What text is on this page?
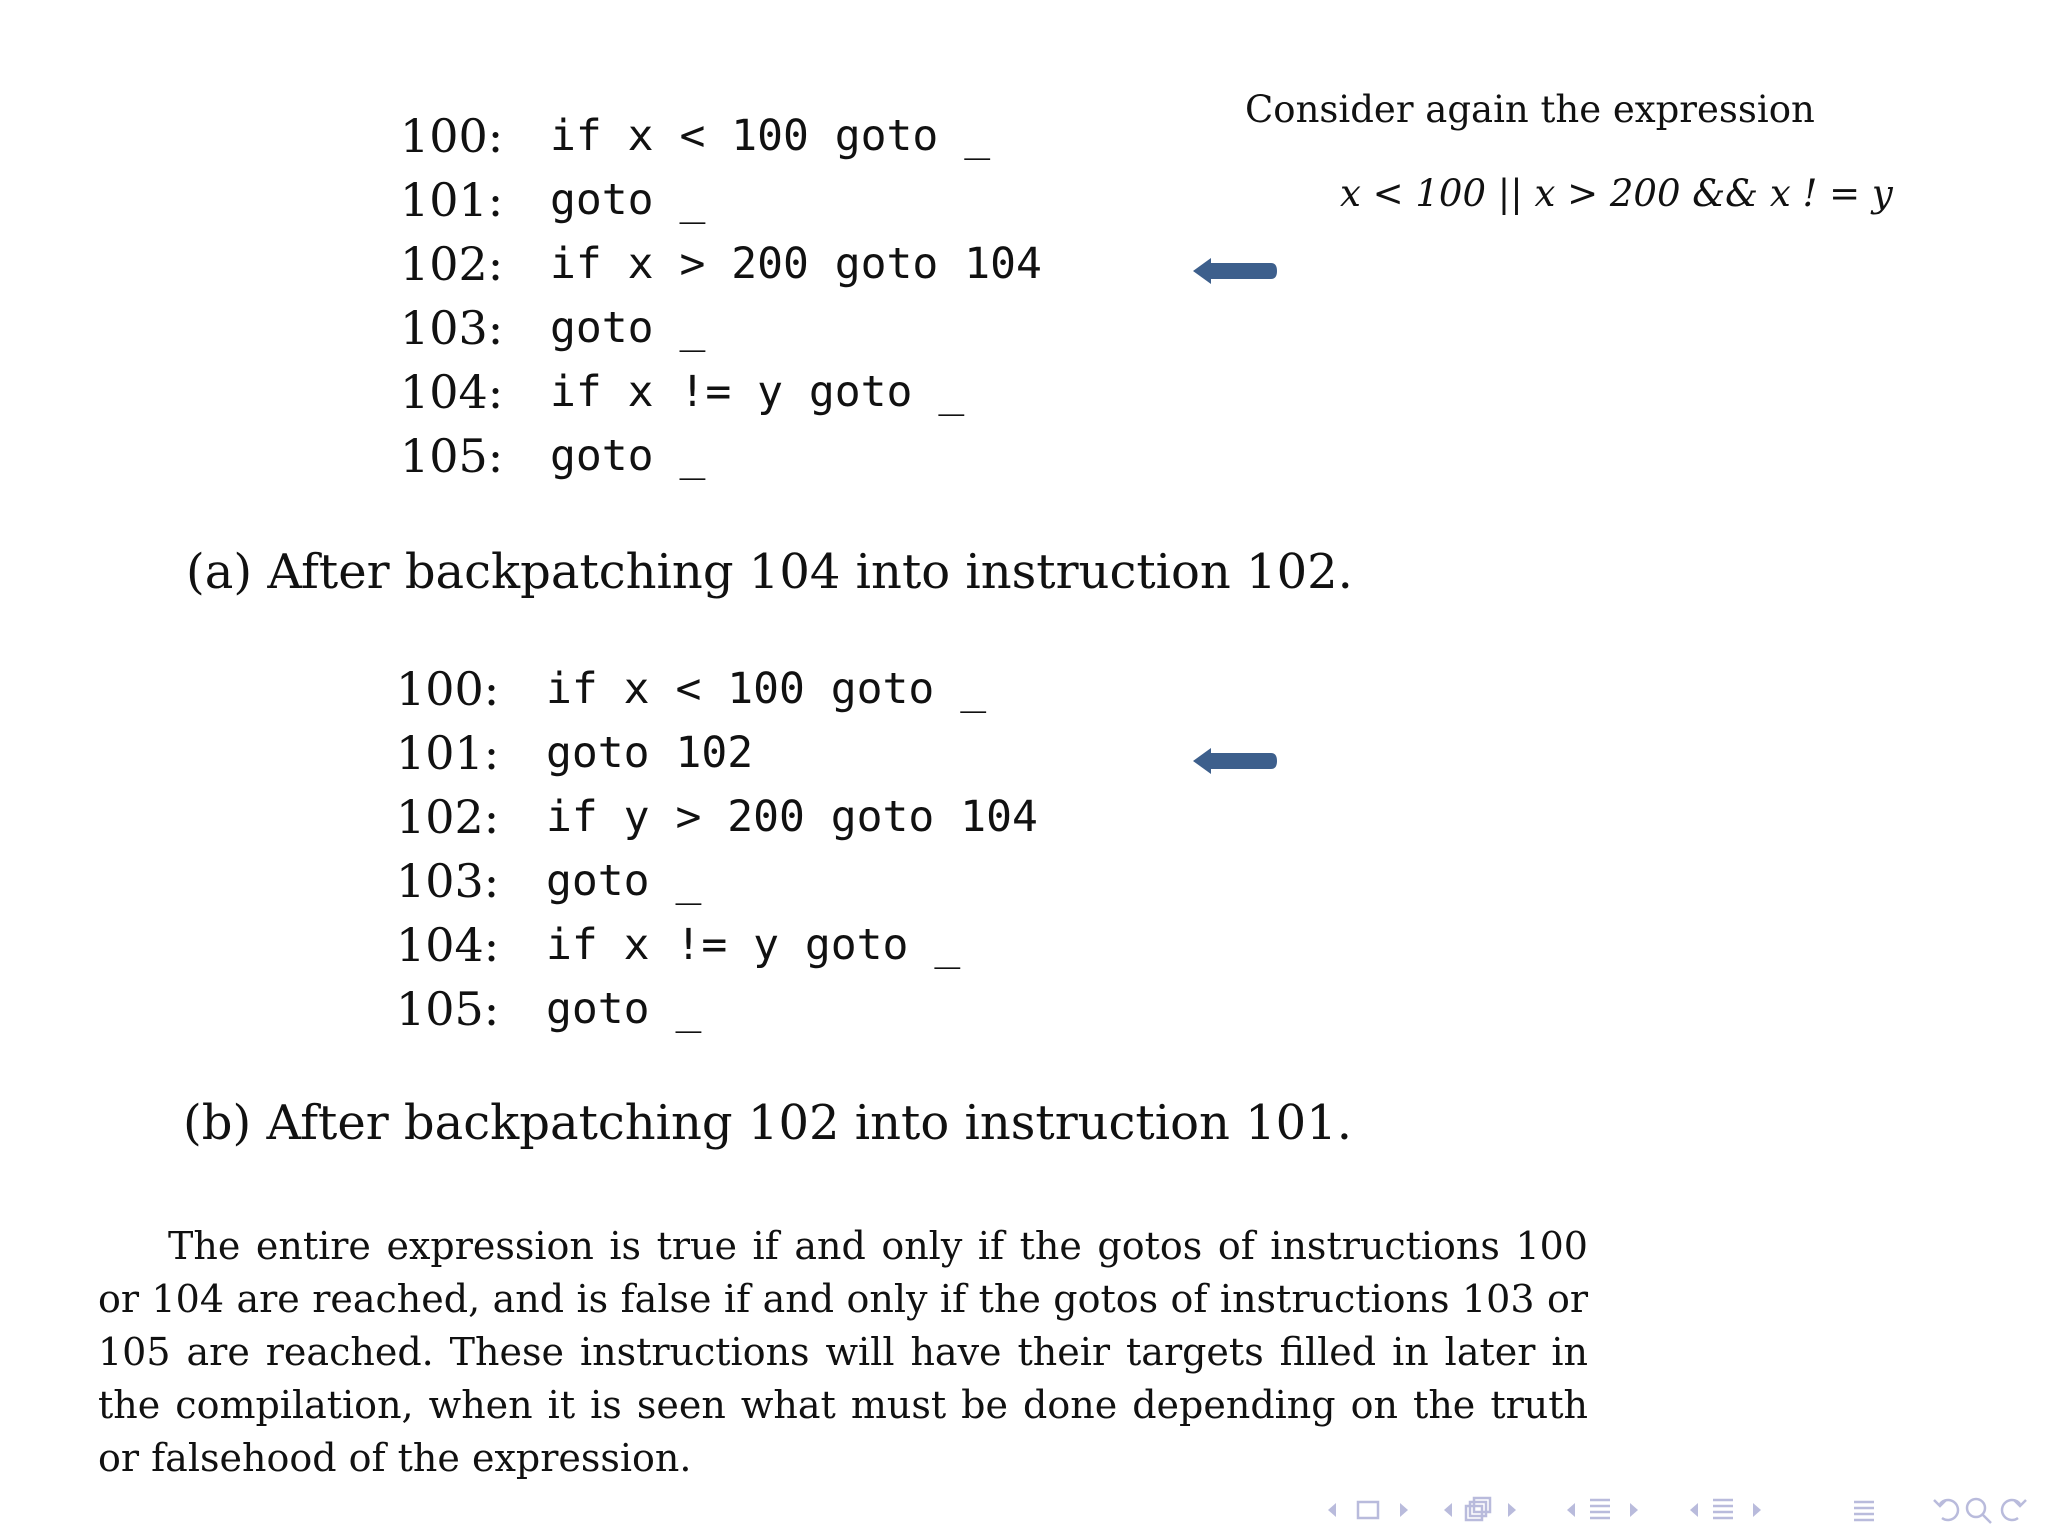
100: if x < 100 goto _
101: goto _
102: if x > 200 goto 104
103: goto _
104: if x != y goto _
105: goto _
(a) After backpatching 104 into instruction 102.
100: if x < 100 goto _
101: goto 102
102: if y > 200 goto 104
103: goto _
104: if x != y goto _
105: goto _
(b) After backpatching 102 into instruction 101.
Consider again the expression
x < 100 || x > 200 && x ! = y
The entire expression is true if and only if the gotos of instructions 100 or 104 are reached, and is false if and only if the gotos of instructions 103 or 105 are reached. These instructions will have their targets filled in later in the compilation, when it is seen what must be done depending on the truth or falsehood of the expression.
